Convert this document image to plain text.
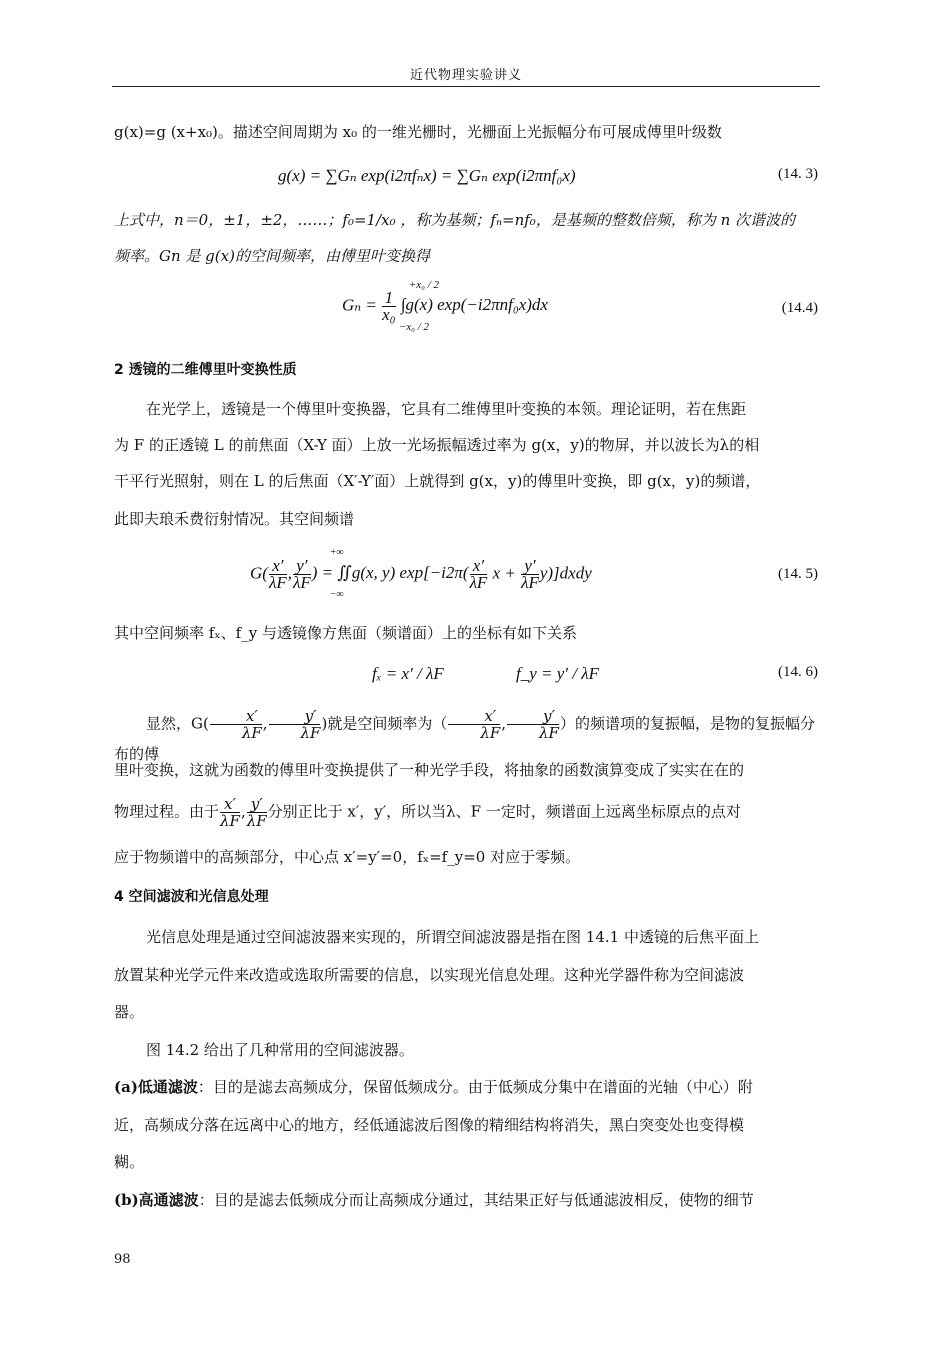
近代物理实验讲义
g(x)=g (x+x₀)。描述空间周期为 x₀ 的一维光栅时，光栅面上光振幅分布可展成傅里叶级数
g(x) = ∑Gₙ exp(i2πfₙx) = ∑Gₙ exp(i2πnf₀x)	(14. 3)
上式中，n＝0，±1，±2，……；f₀=1/x₀ ，称为基频；fₙ=nf₀，是基频的整数倍频，称为 n 次谐波的
频率。Gn 是 g(x)的空间频率，由傅里叶变换得
$G_n = \frac{1}{\text{x₀}}$

+x₀ / 2
∫g(x) exp(−i2πnf₀x)dx
−x₀ / 2
(14.4)
2 透镜的二维傅里叶变换性质
在光学上，透镜是一个傅里叶变换器，它具有二维傅里叶变换的本领。理论证明，若在焦距
为 F 的正透镜 L 的前焦面（X-Y 面）上放一光场振幅透过率为 g(x，y)的物屏，并以波长为λ的相
干平行光照射，则在 L 的后焦面（X′-Y′面）上就得到 g(x，y)的傅里叶变换，即 g(x，y)的频谱，
此即夫琅禾费衍射情况。其空间频谱
$G( \frac{x'}{\lambda F}$ , $\frac{y'}{\lambda F}$
+∞
) = ∬g(x, y) exp[−i2π(
−∞
$\frac{x'}{\lambda F}$ $x + \frac{y'}{\lambda F}$ y)]dxdy	(14. 5)
其中空间频率 fₓ、f_y 与透镜像方焦面（频谱面）上的坐标有如下关系
fₓ = x′ / λF	f_y = y′ / λF	(14. 6)
显然，$G( \frac{x'}{\lambda F}$ , $\frac{y'}{\lambda F}$ )就是空间频率为（ $\frac{x'}{\lambda F}$ , $\frac{y'}{\lambda F}$ ）的频谱项的复振幅，是物的复振幅分布的傅
里叶变换，这就为函数的傅里叶变换提供了一种光学手段，将抽象的函数演算变成了实实在在的
物理过程。由于 $\frac{x'}{\lambda F}$ , $\frac{y'}{\lambda F}$ 分别正比于 x′，y′，所以当λ、F 一定时，频谱面上远离坐标原点的点对
应于物频谱中的高频部分，中心点 x′=y′=0，fₓ=f_y=0 对应于零频。
4 空间滤波和光信息处理
光信息处理是通过空间滤波器来实现的，所谓空间滤波器是指在图 14.1 中透镜的后焦平面上
放置某种光学元件来改造或选取所需要的信息，以实现光信息处理。这种光学器件称为空间滤波
器。
图 14.2 给出了几种常用的空间滤波器。
(a)低通滤波：目的是滤去高频成分，保留低频成分。由于低频成分集中在谱面的光轴（中心）附
近，高频成分落在远离中心的地方，经低通滤波后图像的精细结构将消失，黑白突变处也变得模
糊。
(b)高通滤波：目的是滤去低频成分而让高频成分通过，其结果正好与低通滤波相反，使物的细节
98
